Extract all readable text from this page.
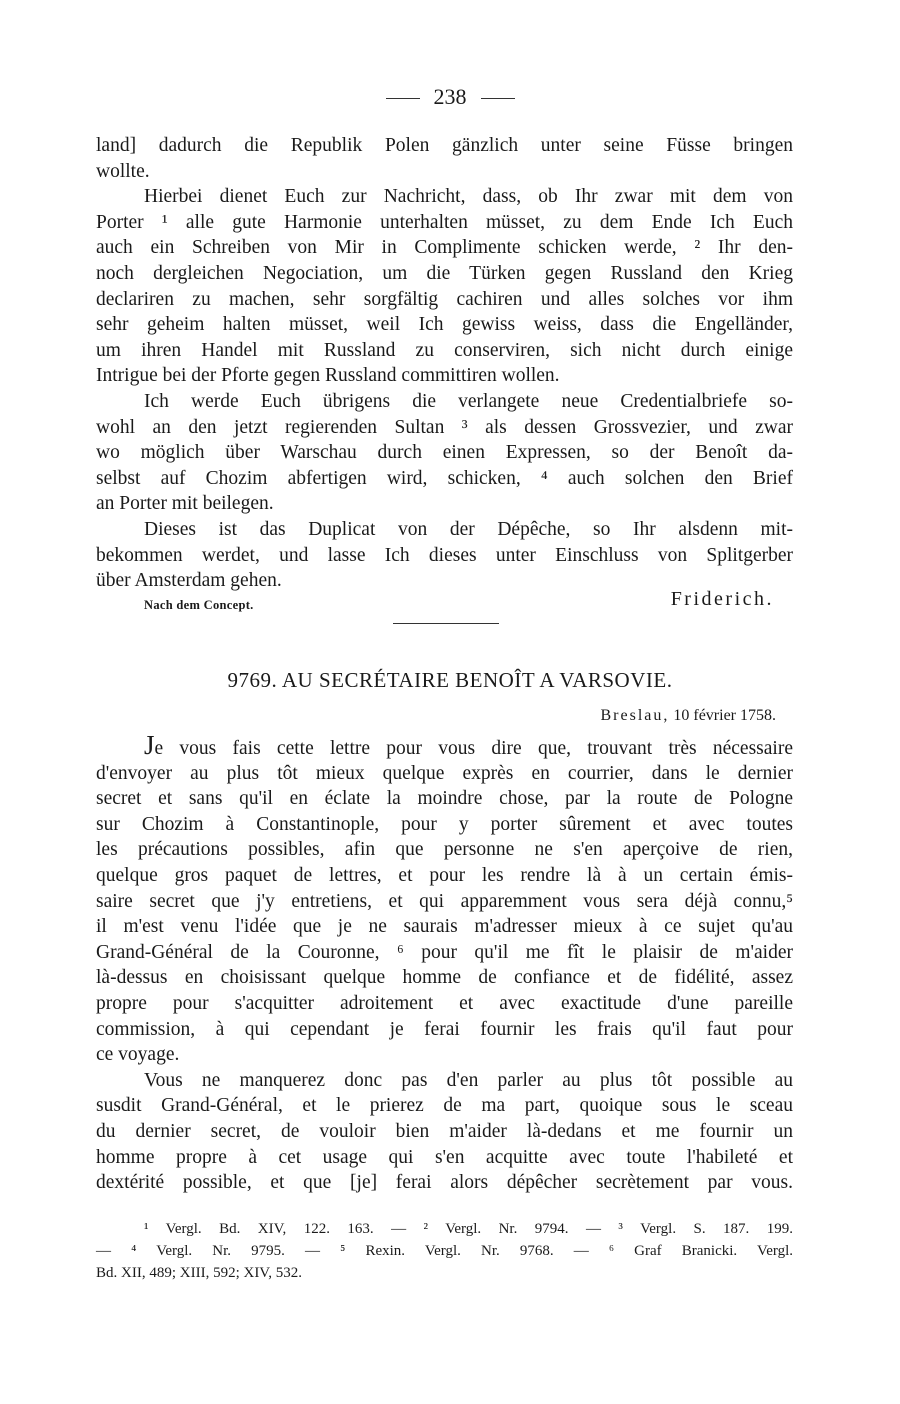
238
land] dadurch die Republik Polen gänzlich unter seine Füsse bringen
wollte.
Hierbei dienet Euch zur Nachricht, dass, ob Ihr zwar mit dem von
Porter ¹ alle gute Harmonie unterhalten müsset, zu dem Ende Ich Euch
auch ein Schreiben von Mir in Complimente schicken werde, ² Ihr den-
noch dergleichen Negociation, um die Türken gegen Russland den Krieg
declariren zu machen, sehr sorgfältig cachiren und alles solches vor ihm
sehr geheim halten müsset, weil Ich gewiss weiss, dass die Engelländer,
um ihren Handel mit Russland zu conserviren, sich nicht durch einige
Intrigue bei der Pforte gegen Russland committiren wollen.
Ich werde Euch übrigens die verlangete neue Credentialbriefe so-
wohl an den jetzt regierenden Sultan ³ als dessen Grossvezier, und zwar
wo möglich über Warschau durch einen Expressen, so der Benoît da-
selbst auf Chozim abfertigen wird, schicken, ⁴ auch solchen den Brief
an Porter mit beilegen.
Dieses ist das Duplicat von der Dépêche, so Ihr alsdenn mit-
bekommen werdet, und lasse Ich dieses unter Einschluss von Splitgerber
über Amsterdam gehen.
Nach dem Concept.	Friderich.
9769. AU SECRÉTAIRE BENOÎT A VARSOVIE.
Breslau, 10 février 1758.
Je vous fais cette lettre pour vous dire que, trouvant très nécessaire
d'envoyer au plus tôt mieux quelque exprès en courrier, dans le dernier
secret et sans qu'il en éclate la moindre chose, par la route de Pologne
sur Chozim à Constantinople, pour y porter sûrement et avec toutes
les précautions possibles, afin que personne ne s'en aperçoive de rien,
quelque gros paquet de lettres, et pour les rendre là à un certain émis-
saire secret que j'y entretiens, et qui apparemment vous sera déjà connu,⁵
il m'est venu l'idée que je ne saurais m'adresser mieux à ce sujet qu'au
Grand-Général de la Couronne, ⁶ pour qu'il me fît le plaisir de m'aider
là-dessus en choisissant quelque homme de confiance et de fidélité, assez
propre pour s'acquitter adroitement et avec exactitude d'une pareille
commission, à qui cependant je ferai fournir les frais qu'il faut pour
ce voyage.
Vous ne manquerez donc pas d'en parler au plus tôt possible au
susdit Grand-Général, et le prierez de ma part, quoique sous le sceau
du dernier secret, de vouloir bien m'aider là-dedans et me fournir un
homme propre à cet usage qui s'en acquitte avec toute l'habileté et
dextérité possible, et que [je] ferai alors dépêcher secrètement par vous.
¹ Vergl. Bd. XIV, 122. 163. — ² Vergl. Nr. 9794. — ³ Vergl. S. 187. 199.
— ⁴ Vergl. Nr. 9795. — ⁵ Rexin. Vergl. Nr. 9768. — ⁶ Graf Branicki. Vergl.
Bd. XII, 489; XIII, 592; XIV, 532.
